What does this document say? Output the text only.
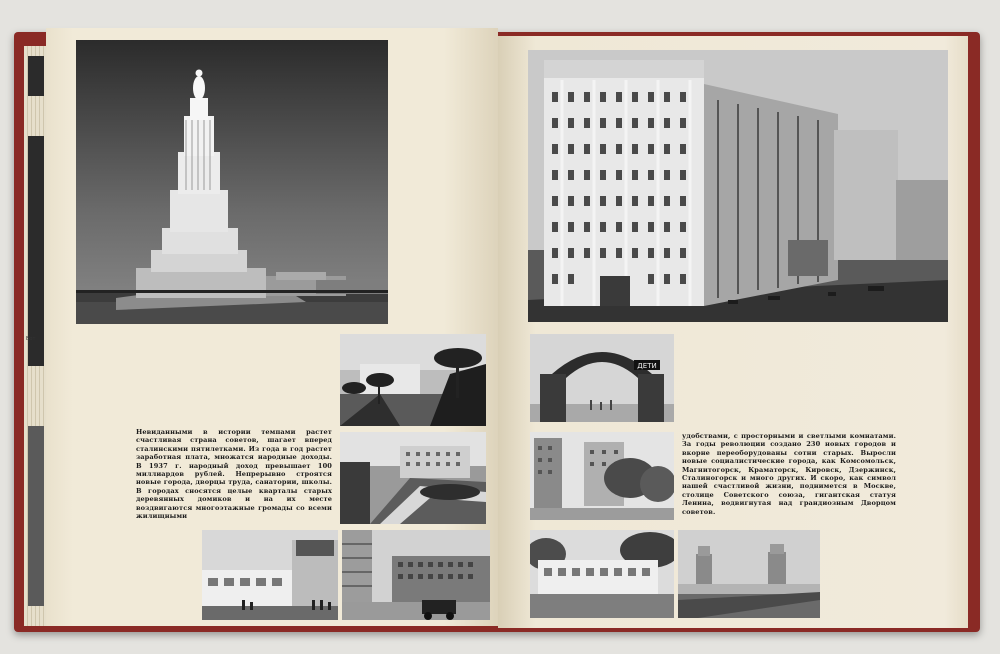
Вот
Невиданными в истории темпами растет счастливая страна советов, шагает вперед сталинскими пятилетками. Из года в год растет заработная плата, множатся народные доходы. В 1937 г. народный доход превышает 100 миллиардов рублей. Непрерывно строятся новые города, дворцы труда, санатории, школы. В городах сносятся целые кварталы старых деревянных домиков и на их месте воздвигаются многоэтажные громады со всеми жилищными
ДЕТИ
удобствами, с просторными и светлыми комнатами. За годы революции создано 230 новых городов и вкорне переоборудованы сотни старых. Выросли новые социалистические города, как Комсомольск, Магнитогорск, Краматорск, Кировск, Дзержинск, Сталиногорск и много других. И скоро, как символ нашей счастливой жизни, поднимется в Москве, столице Советского союза, гигантская статуя Ленина, водвигнутая над грандиозным Дворцом советов.
